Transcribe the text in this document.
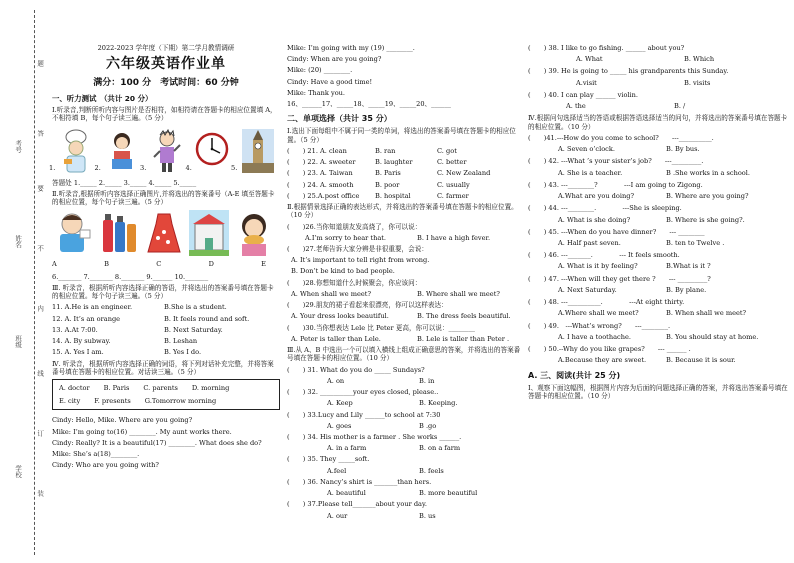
题
答
要
不
内
线
订
装
考号
姓名
班级
学校
2022-2023 学年度（下期）第二学月教情调研
六年级英语作业单
满分：100 分　考试时间：60 分钟
一、听力测试　（共计 20 分）
Ⅰ.听录音,判断所听内容与图片是否相符，如相符请在答题卡的相应位置填 A，不相符填 B，每个句子读三遍。（5 分）
1.	2.	3.	4.	5.
答题处 1._____ 2._____ 3._____ 4._____ 5._____
Ⅱ.听录音,根据所听内容选择正确图片,并将选出的答案番号（A-E 填至答题卡的相应位置，每个句子读三遍。（5 分）
A	B	C	D	E
6._______ 7._______ 8._______ 9.______ 10._______
Ⅲ. 听录音，根据所听内容选择正确的答语，并将选出的答案番号填在答题卡的相应位置。每个句子读三遍。（5 分）
11. A.He is an engineer.	B.She is a student.
12. A. It’s an orange	B. It feels round and soft.
13. A.At 7:00.	B. Next Saturday.
14. A. By subway.	B. Leshan
15. A. Yes I am.	B. Yes I do.
Ⅳ. 听录音，根据所听内容选择正确的词语，将下列对话补充完整，并将答案番号填在答题卡的相应位置。对话读三遍。（5 分）
A. doctor B. Paris C. parents D. morning
E. city F. presents G.Tomorrow morning
Cindy: Hello, Mike. Where are you going?
Mike: I’m going to(16) ________. My aunt works there.
Cindy: Really? It is a beautiful(17) ________. What does she do?
Mike: She’s a(18)________.
Cindy: Who are you going with?
Mike: I’m going with my (19) ________.
Cindy: When are you going?
Mike: (20) ________.
Cindy: Have a good time!
Mike: Thank you.
16、______17、_____18、_____19、_____20、______
二、单项选择（共计 35 分）
Ⅰ.选出下面每组中不属于同一类的单词，将选出的答案番号填在答题卡的相应位置。（5 分）
(　　) 21. A. clean	B. ran	C. got
(　　) 22. A. sweeter	B. laughter	C. better
(　　) 23. A. Taiwan	B. Paris	C. New Zealand
(　　) 24. A. smooth	B. poor	C. usually
(　　) 25.A.post office	B. hospital	C. farmer
Ⅱ.根据情景选择正确的表达形式，并将选出的答案番号填在答题卡的相应位置。（10 分）
(　　)26.当你知道朋友发高烧了，你可以说：
A.I’m sorry to hear that.	B. I have a high fever.
(　　)27.老师告诉大家分辨是非很重要，会说：
A. It’s important to tell right from wrong.
B. Don’t be kind to bad people.
(　　)28.你想知道什么时候聚会，你应该问：
A. When shall we meet?	B. Where shall we meet?
(　　)29.朋友的裙子看起来很漂亮，你可以这样表达：
A. Your dress looks beautiful.	B. The dress feels beautiful.
(　　)30.当你想表达 Lele 比 Peter 更高，你可以说：________
A. Peter is taller than Lele.	B. Lele is taller than Peter .
Ⅲ.从 A、B 中选出一个可以填入横线上组成正确意思的答案，并将选出的答案番号填在答题卡的相应位置。（10 分）
(　　) 31. What do you do _____ Sundays?
A. on	B. in
(　　) 32. __________your eyes closed, please..
A. Keep	B. Keeping.
(　　) 33.Lucy and Lily ______to school at 7:30
A. goes	B .go
(　　) 34. His mother is a farmer . She works ______.
A. in a farm	B. on a farm
(　　) 35. They _____soft.
A.feel	B. feels
(　　) 36. Nancy’s shirt is _______than hers.
A. beautiful	B. more beautiful
(　　) 37.Please tell_______about your day.
A. our	B. us
(　　) 38. I like to go fishing. ______ about you?
A. What	B. Which
(　　) 39. He is going to _____ his grandparents this Sunday.
A.visit	B. visits
(　　) 40. I can play ______ violin.
A. the	B. /
Ⅳ.根据问句选择适当的答语或根据答语选择适当的问句，并将选出的答案番号填在答题卡的相应位置。（10 分）
(　　)41.---How do you come to school?　　---__________.
A. Seven o’clock.	B. By bus.
(　　) 42. ---What ’s your sister’s job?　　---_________.
A. She is a teacher.	B .She works in a school.
(　　) 43. ---________?　　　　---I am going to Zigong.
A.What are you doing?	B. Where are you going?
(　　) 44. ---________.　　　　---She is sleeping.
A. What is she doing?	B. Where is she going?.
(　　) 45. ---When do you have dinner?　　--- ________
A. Half past seven.	B. ten to Twelve .
(　　) 46. ---_______.　　　　--- It feels smooth.
A. What is it by feeling?	B.What is it ?
(　　) 47. ---When will they get there ?　　--- _________?
A. Next Saturday.	B. By plane.
(　　) 48. ---__________.　　　　---At eight thirty.
A.Where shall we meet?	B. When shall we meet?
(　　) 49.　---What’s wrong?　　---________.
A. I have a toothache.	B. You should stay at home.
(　　) 50.--Why do you like grapes?　　--- ______ .
A.Because they are sweet.	B. Because it is sour.
A. 三、阅读(共计 25 分)
Ⅰ、观察下面这幅图，根据图片内容为后面的问题选择正确的答案，并将选出答案番号填在答题卡的相应位置。（10 分）
